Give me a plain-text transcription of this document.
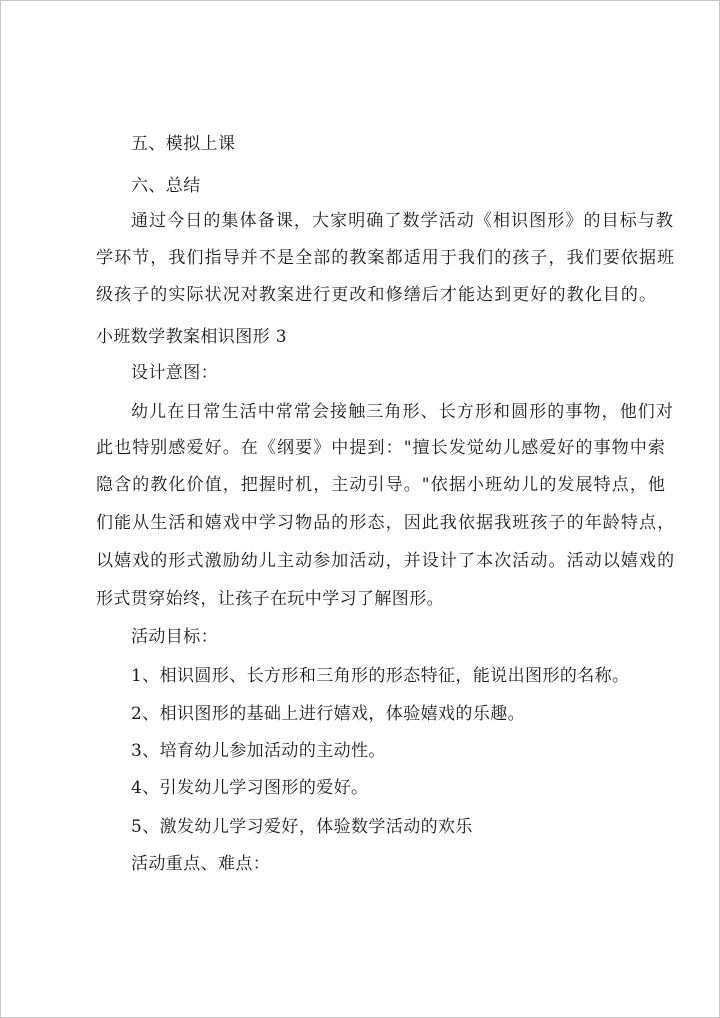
五、模拟上课
六、总结
通过今日的集体备课，大家明确了数学活动《相识图形》的目标与教
学环节，我们指导并不是全部的教案都适用于我们的孩子，我们要依据班
级孩子的实际状况对教案进行更改和修缮后才能达到更好的教化目的。
小班数学教案相识图形 3
设计意图：
幼儿在日常生活中常常会接触三角形、长方形和圆形的事物，他们对
此也特别感爱好。在《纲要》中提到："擅长发觉幼儿感爱好的事物中索
隐含的教化价值，把握时机，主动引导。"依据小班幼儿的发展特点，他
们能从生活和嬉戏中学习物品的形态，因此我依据我班孩子的年龄特点，
以嬉戏的形式激励幼儿主动参加活动，并设计了本次活动。活动以嬉戏的
形式贯穿始终，让孩子在玩中学习了解图形。
活动目标：
1、相识圆形、长方形和三角形的形态特征，能说出图形的名称。
2、相识图形的基础上进行嬉戏，体验嬉戏的乐趣。
3、培育幼儿参加活动的主动性。
4、引发幼儿学习图形的爱好。
5、激发幼儿学习爱好，体验数学活动的欢乐
活动重点、难点：
